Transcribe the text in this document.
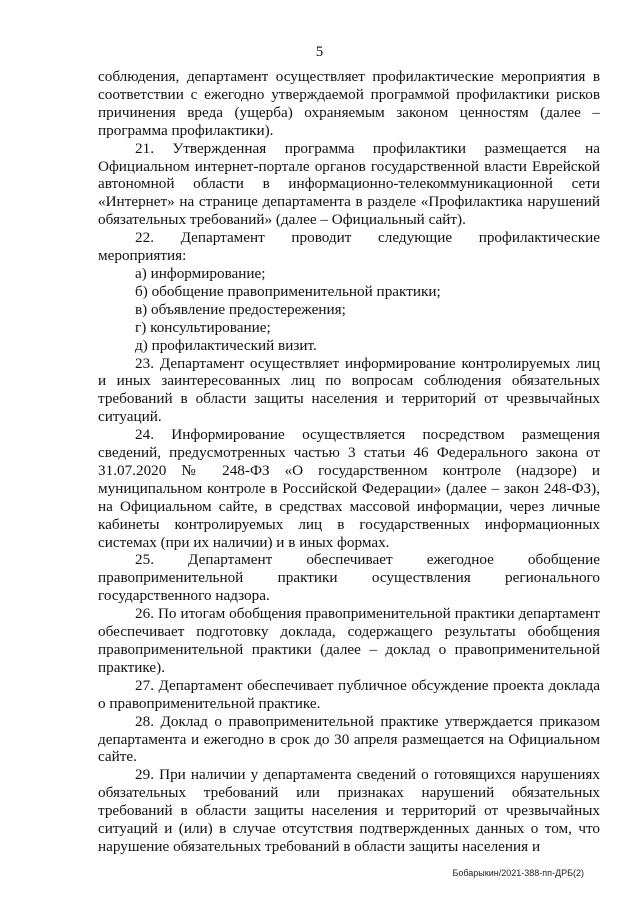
5

соблюдения, департамент осуществляет профилактические мероприятия в соответствии с ежегодно утверждаемой программой профилактики рисков причинения вреда (ущерба) охраняемым законом ценностям (далее – программа профилактики).

21. Утвержденная программа профилактики размещается на Официальном интернет-портале органов государственной власти Еврейской автономной области в информационно-телекоммуникационной сети «Интернет» на странице департамента в разделе «Профилактика нарушений обязательных требований» (далее – Официальный сайт).

22. Департамент проводит следующие профилактические мероприятия:

а) информирование;

б) обобщение правоприменительной практики;

в) объявление предостережения;

г) консультирование;

д) профилактический визит.

23. Департамент осуществляет информирование контролируемых лиц и иных заинтересованных лиц по вопросам соблюдения обязательных требований в области защиты населения и территорий от чрезвычайных ситуаций.

24. Информирование осуществляется посредством размещения сведений, предусмотренных частью 3 статьи 46 Федерального закона от 31.07.2020 № 248-ФЗ «О государственном контроле (надзоре) и муниципальном контроле в Российской Федерации» (далее – закон 248-ФЗ), на Официальном сайте, в средствах массовой информации, через личные кабинеты контролируемых лиц в государственных информационных системах (при их наличии) и в иных формах.

25. Департамент обеспечивает ежегодное обобщение правоприменительной практики осуществления регионального государственного надзора.

26. По итогам обобщения правоприменительной практики департамент обеспечивает подготовку доклада, содержащего результаты обобщения правоприменительной практики (далее – доклад о правоприменительной практике).

27. Департамент обеспечивает публичное обсуждение проекта доклада о правоприменительной практике.

28. Доклад о правоприменительной практике утверждается приказом департамента и ежегодно в срок до 30 апреля размещается на Официальном сайте.

29. При наличии у департамента сведений о готовящихся нарушениях обязательных требований или признаках нарушений обязательных требований в области защиты населения и территорий от чрезвычайных ситуаций и (или) в случае отсутствия подтвержденных данных о том, что нарушение обязательных требований в области защиты населения и

Бобарыкин/2021-388-пп-ДРБ(2)
